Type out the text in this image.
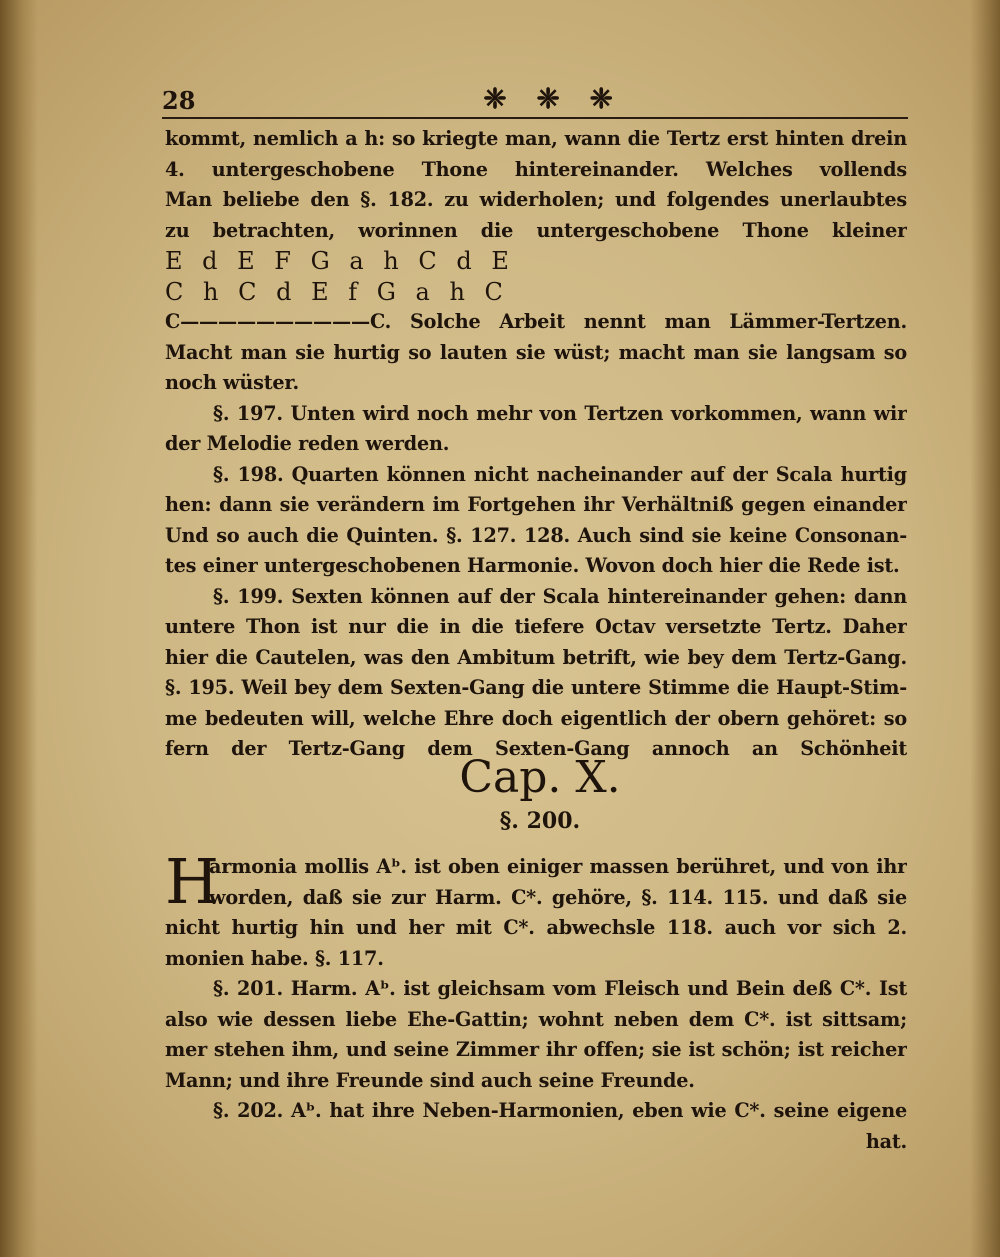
28	❈ ❈ ❈
kommt, nemlich a h: so kriegte man, wann die Tertz erst hinten drein
4. untergeschobene Thone hintereinander. Welches vollends
Man beliebe den §. 182. zu widerholen; und folgendes unerlaubtes
zu betrachten, worinnen die untergeschobene Thone kleiner
E d E F G a h C d E
C h C d E f G a h C
C——————————C. Solche Arbeit nennt man Lämmer-Tertzen.
Macht man sie hurtig so lauten sie wüst; macht man sie langsam so
noch wüster.
§. 197. Unten wird noch mehr von Tertzen vorkommen, wann wir
der Melodie reden werden.
§. 198. Quarten können nicht nacheinander auf der Scala hurtig
hen: dann sie verändern im Fortgehen ihr Verhältniß gegen einander
Und so auch die Quinten. §. 127. 128. Auch sind sie keine Consonan-
tes einer untergeschobenen Harmonie. Wovon doch hier die Rede ist.
§. 199. Sexten können auf der Scala hintereinander gehen: dann
untere Thon ist nur die in die tiefere Octav versetzte Tertz. Daher
hier die Cautelen, was den Ambitum betrift, wie bey dem Tertz-Gang.
§. 195. Weil bey dem Sexten-Gang die untere Stimme die Haupt-Stim-
me bedeuten will, welche Ehre doch eigentlich der obern gehöret: so
fern der Tertz-Gang dem Sexten-Gang annoch an Schönheit
Cap. X.
§. 200.
H
armonia mollis Aᵇ. ist oben einiger massen berühret, und von ihr
worden, daß sie zur Harm. C*. gehöre, §. 114. 115. und daß sie
nicht hurtig hin und her mit C*. abwechsle 118. auch vor sich 2.
monien habe. §. 117.
§. 201. Harm. Aᵇ. ist gleichsam vom Fleisch und Bein deß C*. Ist
also wie dessen liebe Ehe-Gattin; wohnt neben dem C*. ist sittsam;
mer stehen ihm, und seine Zimmer ihr offen; sie ist schön; ist reicher
Mann; und ihre Freunde sind auch seine Freunde.
§. 202. Aᵇ. hat ihre Neben-Harmonien, eben wie C*. seine eigene
hat.
